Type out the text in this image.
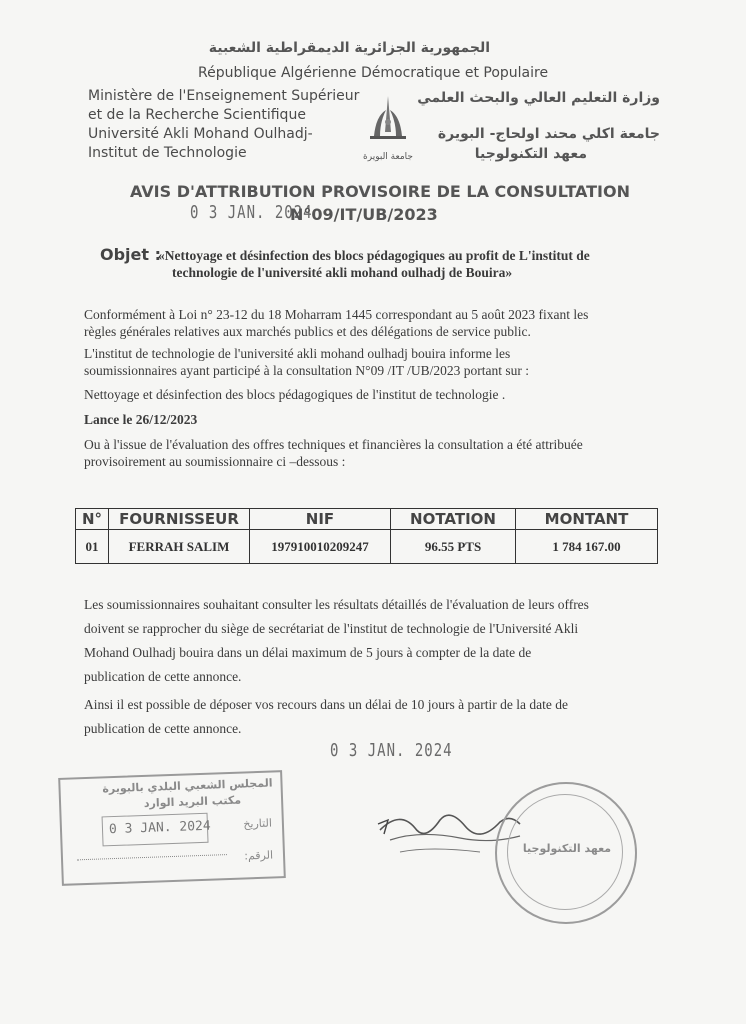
الجمهورية الجزائرية الديمقراطية الشعبية
République Algérienne Démocratique et Populaire
Ministère de l'Enseignement Supérieur
et de la Recherche Scientifique
Université Akli Mohand Oulhadj-
Institut de Technologie	جامعة البويرة
وزارة التعليم العالي والبحث العلمي
جامعة اكلي محند اولحاج- البويرة
معهد التكنولوجيا
AVIS D'ATTRIBUTION PROVISOIRE DE LA CONSULTATION
0 3 JAN. 2024
N°09/IT/UB/2023
Objet :
«Nettoyage et désinfection des blocs pédagogiques au profit de L'institut de
technologie de l'université akli mohand oulhadj de Bouira»
Conformément à Loi n° 23-12 du 18 Moharram 1445 correspondant au 5 août 2023 fixant les
règles générales relatives aux marchés publics et des délégations de service public.
L'institut de technologie de l'université akli mohand oulhadj bouira informe les
soumissionnaires ayant participé à la consultation N°09 /IT /UB/2023 portant sur :
Nettoyage et désinfection des blocs pédagogiques de l'institut de technologie .
Lance le 26/12/2023
Ou à l'issue de l'évaluation des offres techniques et financières la consultation a été attribuée
provisoirement au soumissionnaire ci –dessous :
N°	FOURNISSEUR	NIF	NOTATION	MONTANT
01	FERRAH SALIM	197910010209247	96.55 PTS	1 784 167.00
Les soumissionnaires souhaitant consulter les résultats détaillés de l'évaluation de leurs offres
doivent se rapprocher du siège de secrétariat de l'institut de technologie de l'Université Akli
Mohand Oulhadj bouira dans un délai maximum de 5 jours à compter de la date de
publication de cette annonce.
Ainsi il est possible de déposer vos recours dans un délai de 10 jours à partir de la date de
publication de cette annonce.
0 3 JAN. 2024
المجلس الشعبي البلدي بالبويرة
مكتب البريد الوارد
0 3 JAN. 2024	التاريخ
الرقم:	معهد التكنولوجيا
